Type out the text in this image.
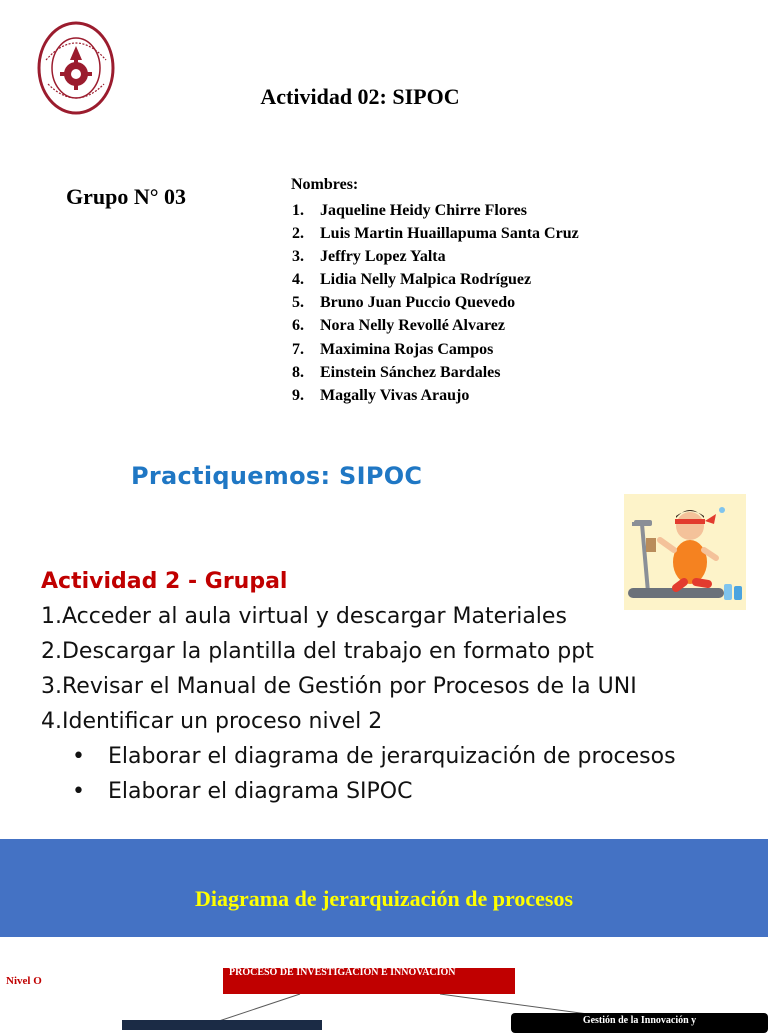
Actividad 02: SIPOC
Grupo N° 03	Nombres:
1.	Jaqueline Heidy Chirre Flores
2.	Luis Martin Huaillapuma Santa Cruz
3.	Jeffry Lopez Yalta
4.	Lidia Nelly Malpica Rodríguez
5.	Bruno Juan Puccio Quevedo
6.	Nora Nelly Revollé Alvarez
7.	Maximina Rojas Campos
8.	Einstein Sánchez Bardales
9.	Magally Vivas Araujo
Practiquemos: SIPOC
Actividad 2 - Grupal
1.Acceder al aula virtual y descargar Materiales
2.Descargar la plantilla del trabajo en formato ppt
3.Revisar el Manual de Gestión por Procesos de la UNI
4.Identificar un proceso nivel 2
• Elaborar el diagrama de jerarquización de procesos
• Elaborar el diagrama SIPOC
Diagrama de jerarquización de procesos
Nivel O
PROCESO DE INVESTIGACION E INNOVACIÓN
Gestión de la Innovación y
